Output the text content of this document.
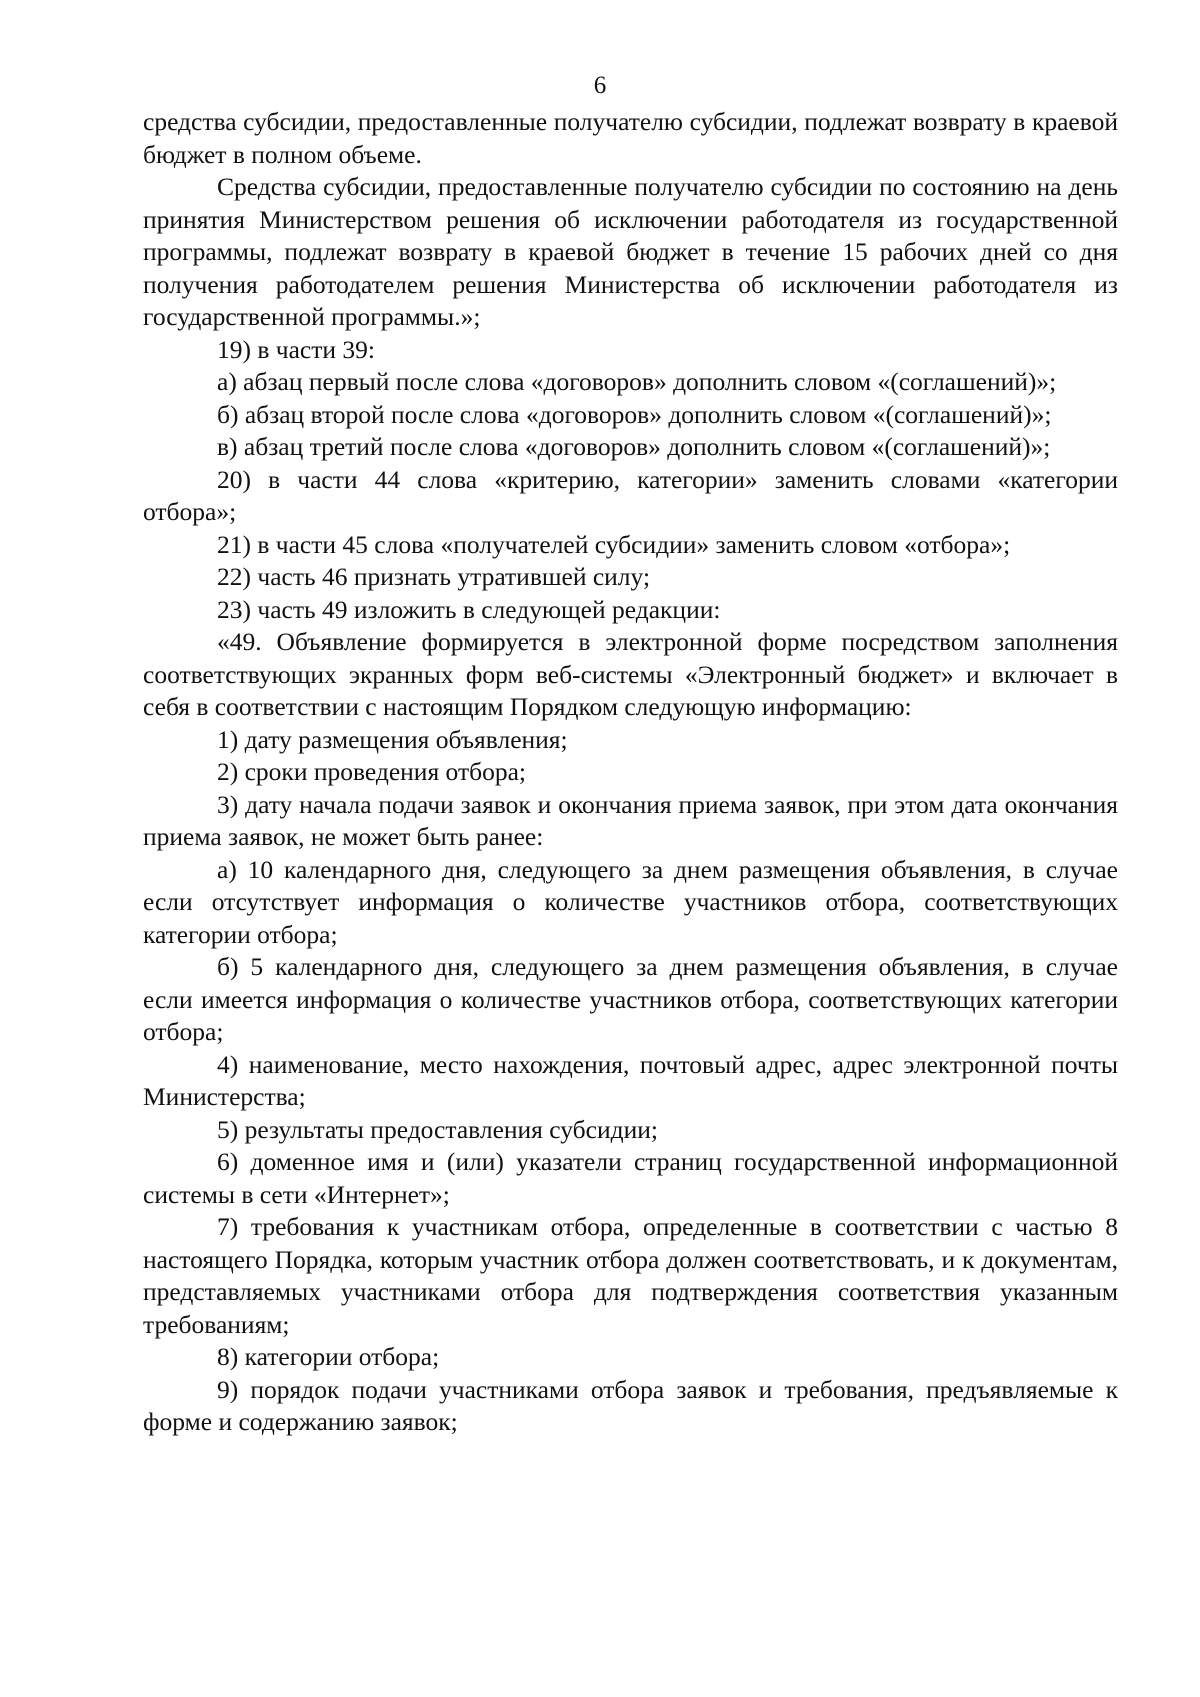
6

средства субсидии, предоставленные получателю субсидии, подлежат возврату в краевой бюджет в полном объеме.

Средства субсидии, предоставленные получателю субсидии по состоянию на день принятия Министерством решения об исключении работодателя из государственной программы, подлежат возврату в краевой бюджет в течение 15 рабочих дней со дня получения работодателем решения Министерства об исключении работодателя из государственной программы.»;

19) в части 39:

а) абзац первый после слова «договоров» дополнить словом «(соглашений)»;

б) абзац второй после слова «договоров» дополнить словом «(соглашений)»;

в) абзац третий после слова «договоров» дополнить словом «(соглашений)»;

20) в части 44 слова «критерию, категории» заменить словами «категории отбора»;

21) в части 45 слова «получателей субсидии» заменить словом «отбора»;

22) часть 46 признать утратившей силу;

23) часть 49 изложить в следующей редакции:

«49. Объявление формируется в электронной форме посредством заполнения соответствующих экранных форм веб-системы «Электронный бюджет» и включает в себя в соответствии с настоящим Порядком следующую информацию:

1) дату размещения объявления;

2) сроки проведения отбора;

3) дату начала подачи заявок и окончания приема заявок, при этом дата окончания приема заявок, не может быть ранее:

а) 10 календарного дня, следующего за днем размещения объявления, в случае если отсутствует информация о количестве участников отбора, соответствующих категории отбора;

б) 5 календарного дня, следующего за днем размещения объявления, в случае если имеется информация о количестве участников отбора, соответствующих категории отбора;

4) наименование, место нахождения, почтовый адрес, адрес электронной почты Министерства;

5) результаты предоставления субсидии;

6) доменное имя и (или) указатели страниц государственной информационной системы в сети «Интернет»;

7) требования к участникам отбора, определенные в соответствии с частью 8 настоящего Порядка, которым участник отбора должен соответствовать, и к документам, представляемых участниками отбора для подтверждения соответствия указанным требованиям;

8) категории отбора;

9) порядок подачи участниками отбора заявок и требования, предъявляемые к форме и содержанию заявок;
